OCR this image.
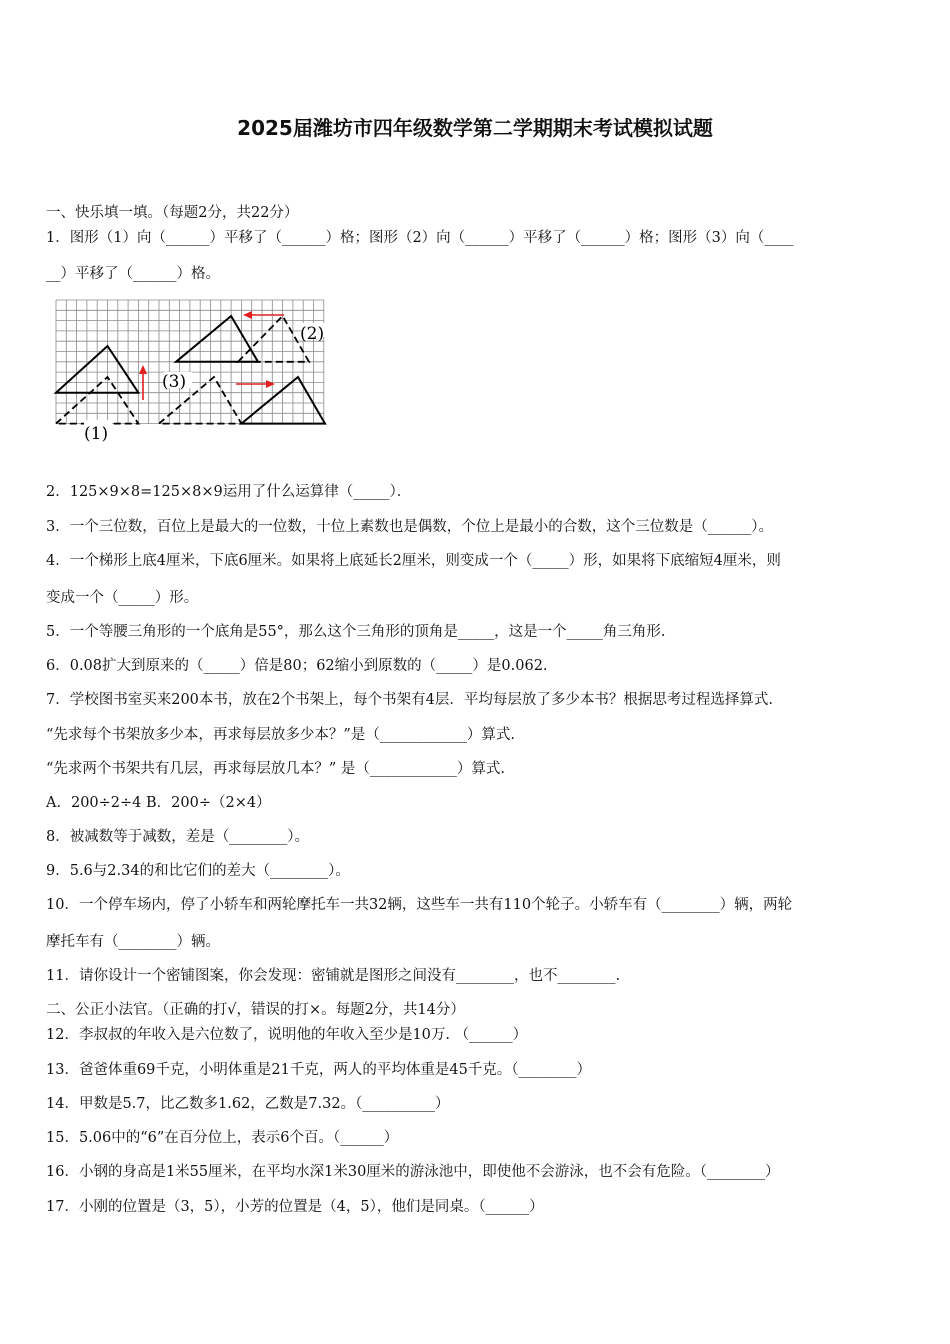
2025届潍坊市四年级数学第二学期期末考试模拟试题
一、快乐填一填。（每题2分，共22分）
1．图形（1）向（______）平移了（______）格；图形（2）向（______）平移了（______）格；图形（3）向（____
__）平移了（______）格。
(1)
(2)
(3)
2．125×9×8=125×8×9运用了什么运算律（_____）．
3．一个三位数，百位上是最大的一位数，十位上素数也是偶数，个位上是最小的合数，这个三位数是（______）。
4．一个梯形上底4厘米，下底6厘米。如果将上底延长2厘米，则变成一个（_____）形，如果将下底缩短4厘米，则
变成一个（_____）形。
5．一个等腰三角形的一个底角是55°，那么这个三角形的顶角是_____，这是一个_____角三角形.
6．0.08扩大到原来的（_____）倍是80；62缩小到原数的（_____）是0.062.
7．学校图书室买来200本书，放在2个书架上，每个书架有4层．平均每层放了多少本书？根据思考过程选择算式.
“先求每个书架放多少本，再求每层放多少本？”是（____________）算式.
“先求两个书架共有几层，再求每层放几本？” 是（____________）算式.
A．200÷2÷4 B．200÷（2×4）
8．被减数等于减数，差是（________）。
9．5.6与2.34的和比它们的差大（________）。
10．一个停车场内，停了小轿车和两轮摩托车一共32辆，这些车一共有110个轮子。小轿车有（________）辆，两轮
摩托车有（________）辆。
11．请你设计一个密铺图案，你会发现：密铺就是图形之间没有________，也不________.
二、公正小法官。（正确的打√，错误的打×。每题2分，共14分）
12．李叔叔的年收入是六位数了，说明他的年收入至少是10万. （______）
13．爸爸体重69千克，小明体重是21千克，两人的平均体重是45千克。（________）
14．甲数是5.7，比乙数多1.62，乙数是7.32。（__________）
15．5.06中的“6”在百分位上，表示6个百。（______）
16．小钢的身高是1米55厘米，在平均水深1米30厘米的游泳池中，即使他不会游泳，也不会有危险。（________）
17．小刚的位置是（3，5），小芳的位置是（4，5），他们是同桌。（______）
